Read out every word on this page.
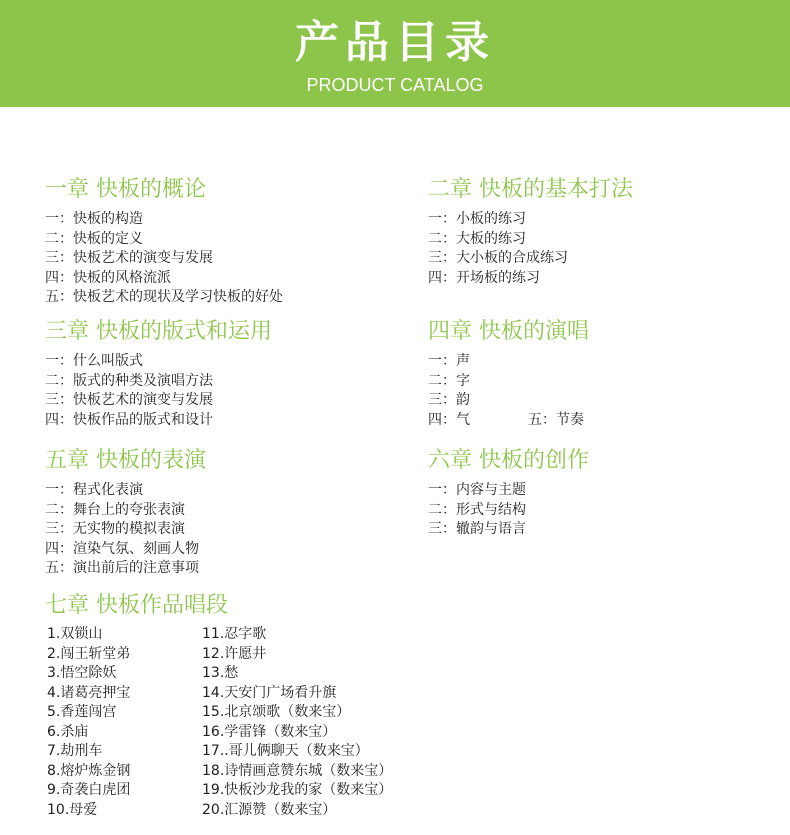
产品目录
PRODUCT CATALOG
一章 快板的概论
一：快板的构造
二：快板的定义
三：快板艺术的演变与发展
四：快板的风格流派
五：快板艺术的现状及学习快板的好处
二章 快板的基本打法
一：小板的练习
二：大板的练习
三：大小板的合成练习
四：开场板的练习
三章 快板的版式和运用
一：什么叫版式
二：版式的种类及演唱方法
三：快板艺术的演变与发展
四：快板作品的版式和设计
四章 快板的演唱
一：声
二：字
三：韵
四：气	五：节奏
五章 快板的表演
一：程式化表演
二：舞台上的夸张表演
三：无实物的模拟表演
四：渲染气氛、刻画人物
五：演出前后的注意事项
六章 快板的创作
一：内容与主题
二：形式与结构
三：辙韵与语言
七章 快板作品唱段
1.双锁山
2.闯王斩堂弟
3.悟空除妖
4.诸葛亮押宝
5.香莲闯宫
6.杀庙
7.劫刑车
8.熔炉炼金钢
9.奇袭白虎团
10.母爱
11.忍字歌
12.许愿井
13.愁
14.天安门广场看升旗
15.北京颂歌（数来宝）
16.学雷锋（数来宝）
17..哥儿俩聊天（数来宝）
18.诗情画意赞东城（数来宝）
19.快板沙龙我的家（数来宝）
20.汇源赞（数来宝）
